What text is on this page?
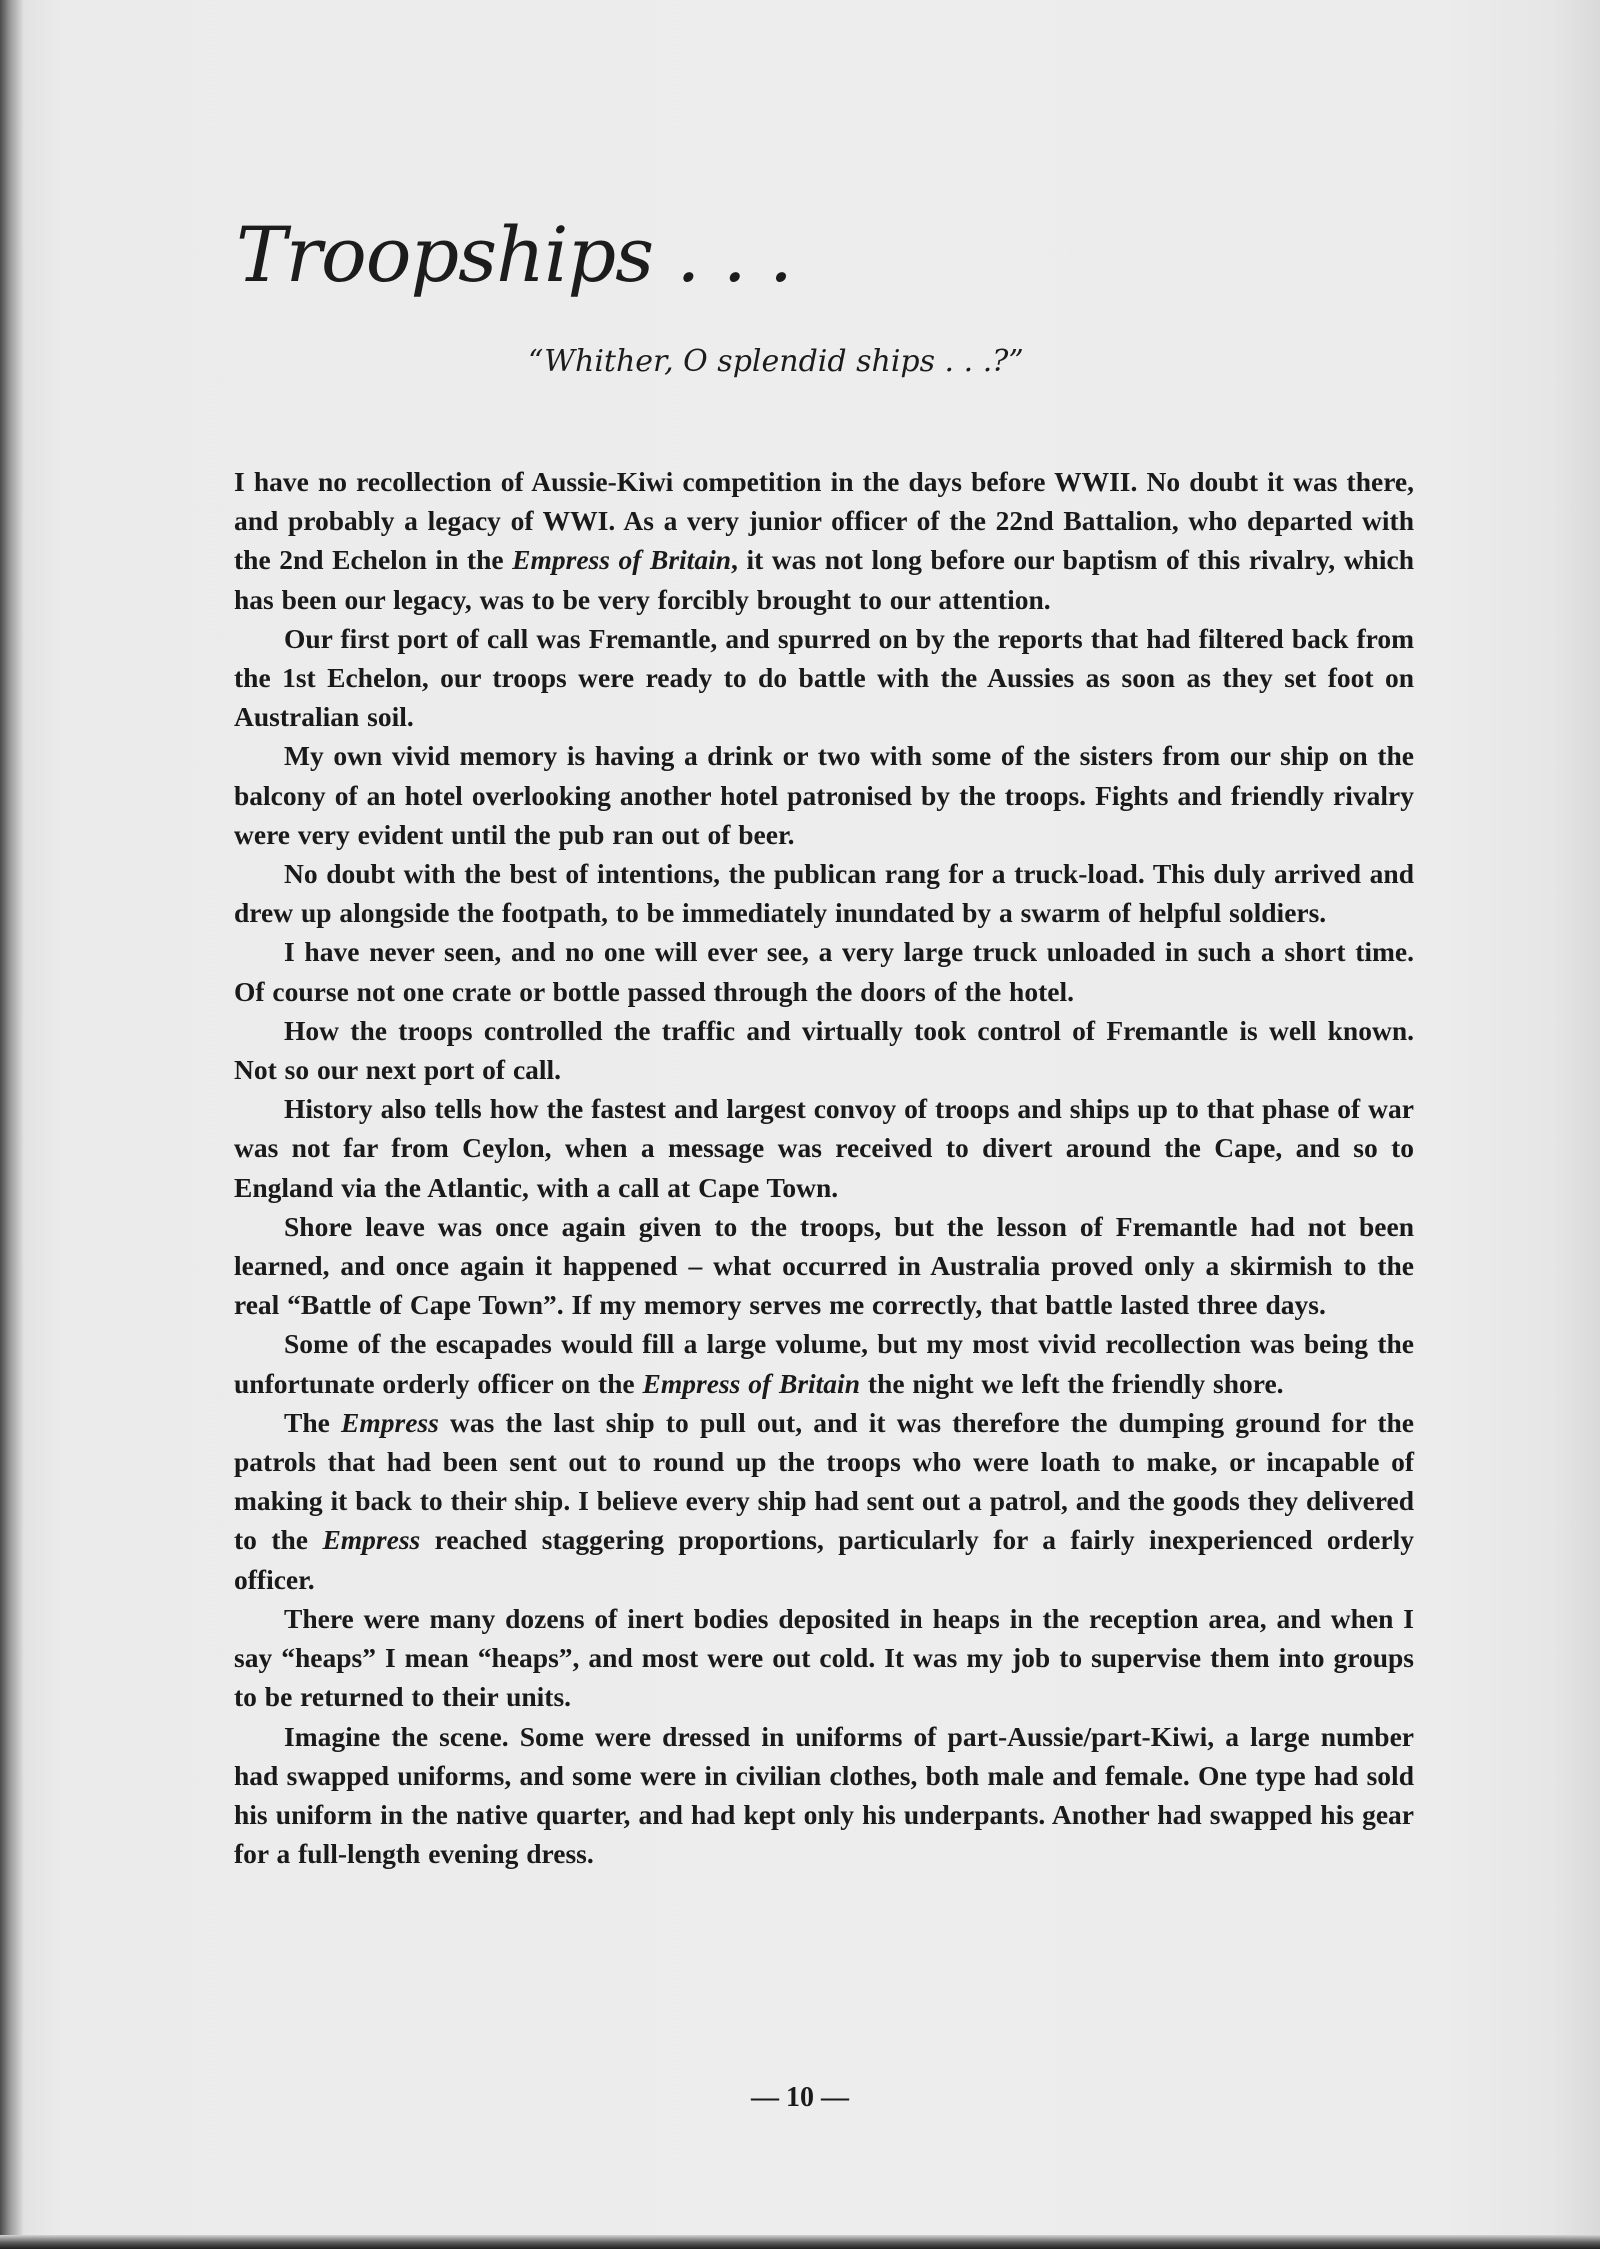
Troopships . . .

“Whither, O splendid ships . . .?”

I have no recollection of Aussie-Kiwi competition in the days before WWII. No doubt it was there, and probably a legacy of WWI. As a very junior officer of the 22nd Battalion, who departed with the 2nd Echelon in the Empress of Britain, it was not long before our baptism of this rivalry, which has been our legacy, was to be very forcibly brought to our attention.

Our first port of call was Fremantle, and spurred on by the reports that had filtered back from the 1st Echelon, our troops were ready to do battle with the Aussies as soon as they set foot on Australian soil.

My own vivid memory is having a drink or two with some of the sisters from our ship on the balcony of an hotel overlooking another hotel patronised by the troops. Fights and friendly rivalry were very evident until the pub ran out of beer.

No doubt with the best of intentions, the publican rang for a truck-load. This duly arrived and drew up alongside the footpath, to be immediately inundated by a swarm of helpful soldiers.

I have never seen, and no one will ever see, a very large truck unloaded in such a short time. Of course not one crate or bottle passed through the doors of the hotel.

How the troops controlled the traffic and virtually took control of Fremantle is well known. Not so our next port of call.

History also tells how the fastest and largest convoy of troops and ships up to that phase of war was not far from Ceylon, when a message was received to divert around the Cape, and so to England via the Atlantic, with a call at Cape Town.

Shore leave was once again given to the troops, but the lesson of Fremantle had not been learned, and once again it happened – what occurred in Australia proved only a skirmish to the real “Battle of Cape Town”. If my memory serves me correctly, that battle lasted three days.

Some of the escapades would fill a large volume, but my most vivid recollection was being the unfortunate orderly officer on the Empress of Britain the night we left the friendly shore.

The Empress was the last ship to pull out, and it was therefore the dumping ground for the patrols that had been sent out to round up the troops who were loath to make, or incapable of making it back to their ship. I believe every ship had sent out a patrol, and the goods they delivered to the Empress reached staggering proportions, particularly for a fairly inexperienced orderly officer.

There were many dozens of inert bodies deposited in heaps in the reception area, and when I say “heaps” I mean “heaps”, and most were out cold. It was my job to supervise them into groups to be returned to their units.

Imagine the scene. Some were dressed in uniforms of part-Aussie/part-Kiwi, a large number had swapped uniforms, and some were in civilian clothes, both male and female. One type had sold his uniform in the native quarter, and had kept only his underpants. Another had swapped his gear for a full-length evening dress.

— 10 —
